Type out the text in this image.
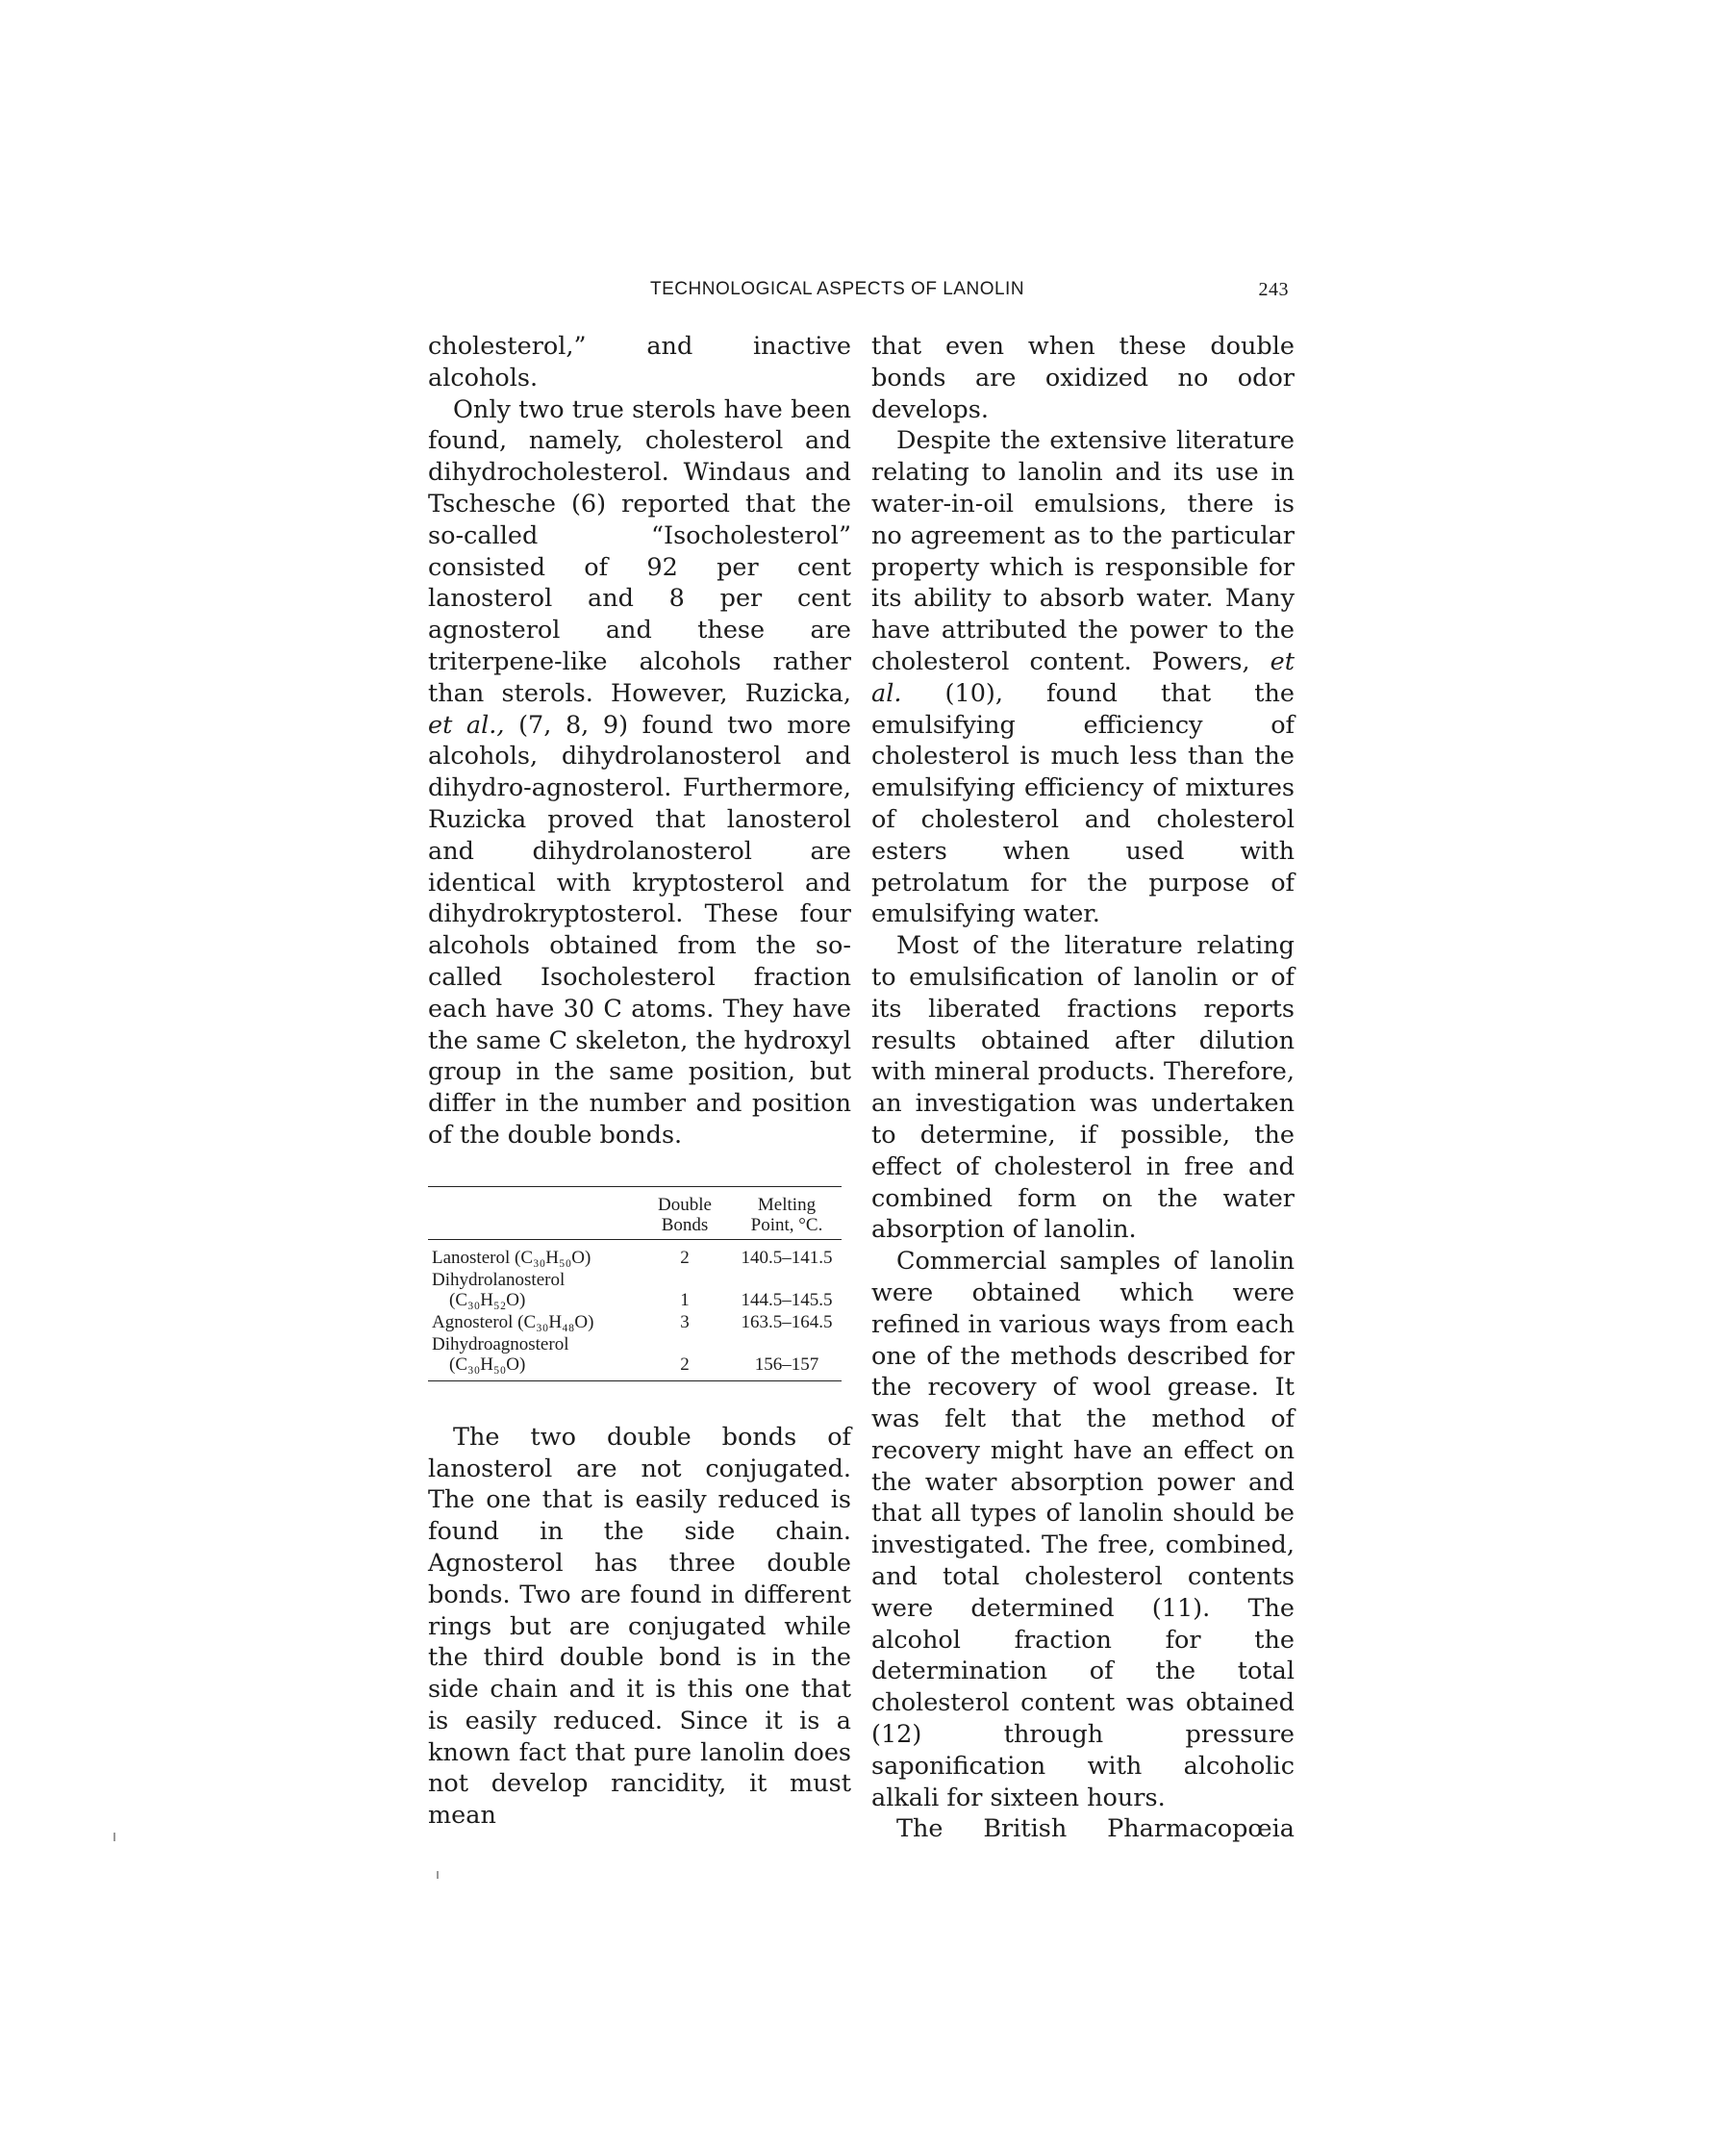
TECHNOLOGICAL ASPECTS OF LANOLIN	243

cholesterol,” and inactive alcohols.

Only two true sterols have been found, namely, cholesterol and dihydrocholesterol. Windaus and Tschesche (6) reported that the so-called “Isocholesterol” consisted of 92 per cent lanosterol and 8 per cent agnosterol and these are triterpene-like alcohols rather than sterols. However, Ruzicka, et al., (7, 8, 9) found two more alcohols, dihydrolanosterol and dihydro-agnosterol. Furthermore, Ruzicka proved that lanosterol and dihydrolanosterol are identical with kryptosterol and dihydrokryptosterol. These four alcohols obtained from the so-called Isocholesterol fraction each have 30 C atoms. They have the same C skeleton, the hydroxyl group in the same position, but differ in the number and position of the double bonds.

	Double Bonds	Melting Point, °C.
Lanosterol (C₃₀H₅₀O)	2	140.5–141.5
Dihydrolanosterol
(C₃₀H₅₂O)	1	144.5–145.5
Agnosterol (C₃₀H₄₈O)	3	163.5–164.5
Dihydroagnosterol
(C₃₀H₅₀O)	2	156–157

The two double bonds of lanosterol are not conjugated. The one that is easily reduced is found in the side chain. Agnosterol has three double bonds. Two are found in different rings but are conjugated while the third double bond is in the side chain and it is this one that is easily reduced. Since it is a known fact that pure lanolin does not develop rancidity, it must mean

that even when these double bonds are oxidized no odor develops.

Despite the extensive literature relating to lanolin and its use in water-in-oil emulsions, there is no agreement as to the particular property which is responsible for its ability to absorb water. Many have attributed the power to the cholesterol content. Powers, et al. (10), found that the emulsifying efficiency of cholesterol is much less than the emulsifying efficiency of mixtures of cholesterol and cholesterol esters when used with petrolatum for the purpose of emulsifying water.

Most of the literature relating to emulsification of lanolin or of its liberated fractions reports results obtained after dilution with mineral products. Therefore, an investigation was undertaken to determine, if possible, the effect of cholesterol in free and combined form on the water absorption of lanolin.

Commercial samples of lanolin were obtained which were refined in various ways from each one of the methods described for the recovery of wool grease. It was felt that the method of recovery might have an effect on the water absorption power and that all types of lanolin should be investigated. The free, combined, and total cholesterol contents were determined (11). The alcohol fraction for the determination of the total cholesterol content was obtained (12) through pressure saponification with alcoholic alkali for sixteen hours.

The British Pharmacopœia
